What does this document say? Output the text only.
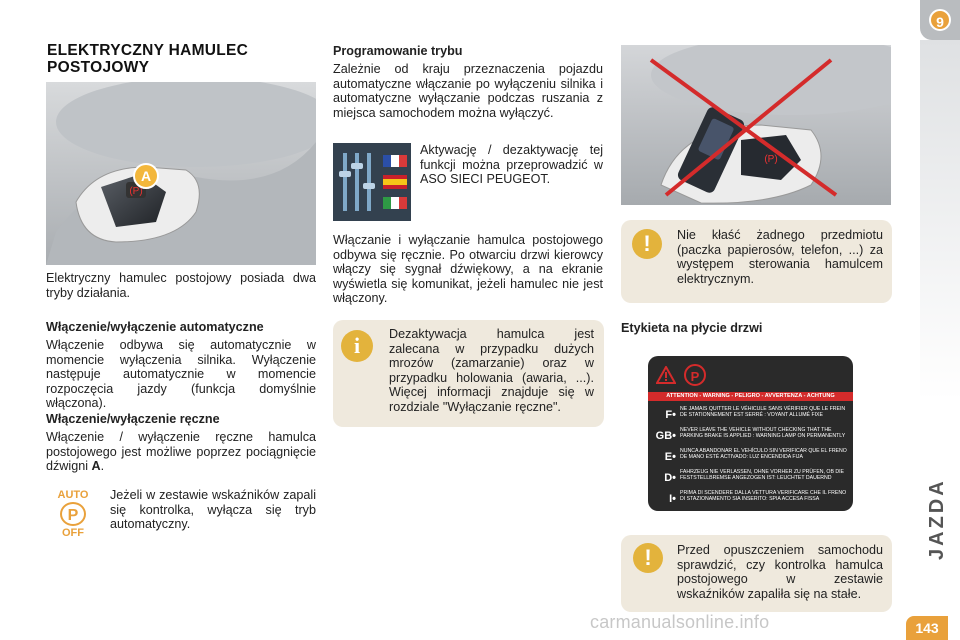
ELEKTRYCZNY HAMULEC POSTOJOWY
(P)
A

Elektryczny hamulec postojowy posiada dwa tryby działania.

Włączenie/wyłączenie automatyczne

Włączenie odbywa się automatycznie w momencie wyłączenia silnika. Wyłączenie następuje automatycznie w momencie rozpoczęcia jazdy (funkcja domyślnie włączona).

Włączenie/wyłączenie ręczne

Włączenie / wyłączenie ręczne hamulca postojowego jest możliwe poprzez pociągnięcie dźwigni A.

AUTO
P
OFF

Jeżeli w zestawie wskaźników zapali się kontrolka, wyłącza się tryb automatyczny.

Programowanie trybu

Zależnie od kraju przeznaczenia pojazdu automatyczne włączanie po wyłączeniu silnika i automatyczne wyłączanie podczas ruszania z miejsca samochodem można wyłączyć.

Aktywację / dezaktywację tej funkcji można przeprowadzić w ASO SIECI PEUGEOT.

Włączanie i wyłączanie hamulca postojowego odbywa się ręcznie. Po otwarciu drzwi kierowcy włączy się sygnał dźwiękowy, a na ekranie wyświetla się komunikat, jeżeli hamulec nie jest włączony.

i	Dezaktywacja hamulca jest zalecana w przypadku dużych mrozów (zamarzanie) oraz w przypadku holowania (awaria, ...). Więcej informacji znajduje się w rozdziale "Wyłączanie ręczne".

(P)
!	Nie kłaść żadnego przedmiotu (paczka papierosów, telefon, ...) za występem sterowania hamulcem elektrycznym.

Etykieta na płycie drzwi

P
ATTENTION - WARNING - PELIGRO - AVVERTENZA - ACHTUNG
F• NE JAMAIS QUITTER LE VÉHICULE SANS VÉRIFIER QUE LE FREIN DE STATIONNEMENT EST SERRÉ : VOYANT ALLUMÉ FIXE
GB• NEVER LEAVE THE VEHICLE WITHOUT CHECKING THAT THE PARKING BRAKE IS APPLIED : WARNING LAMP ON PERMANENTLY
E• NUNCA ABANDONAR EL VEHÍCULO SIN VERIFICAR QUE EL FRENO DE MANO ESTÉ ACTIVADO: LUZ ENCENDIDA FIJA
D• FAHRZEUG NIE VERLASSEN, OHNE VORHER ZU PRÜFEN, OB DIE FESTSTELLBREMSE ANGEZOGEN IST: LEUCHTET DAUERND
I• PRIMA DI SCENDERE DALLA VETTURA VERIFICARE CHE IL FRENO DI STAZIONAMENTO SIA INSERITO: SPIA ACCESA FISSA
!	Przed opuszczeniem samochodu sprawdzić, czy kontrolka hamulca postojowego w zestawie wskaźników zapaliła się na stałe.

9
JAZDA
143
carmanualsonline.info
